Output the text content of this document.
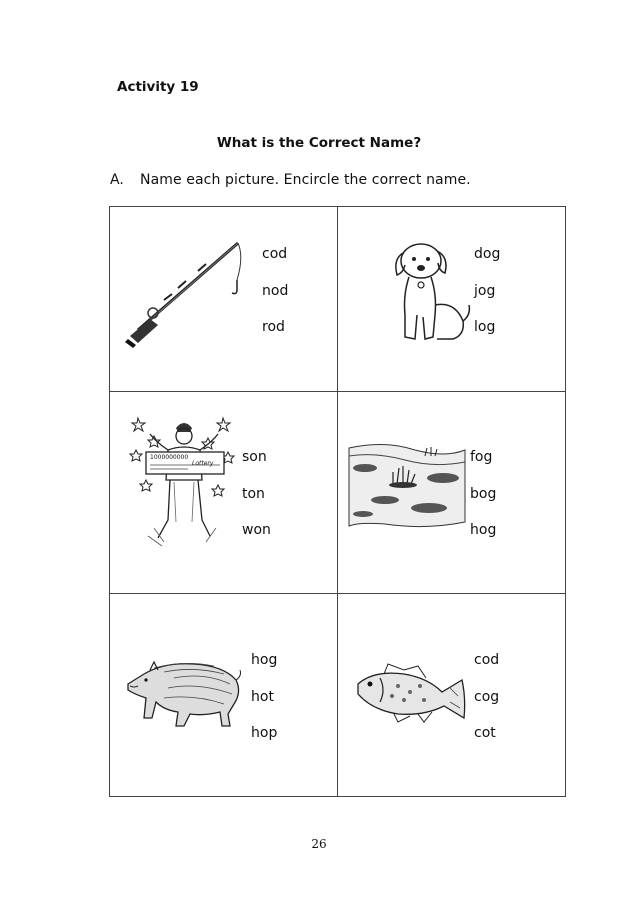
Activity 19
What is the Correct Name?
A. Name each picture. Encircle the correct name.
cod
nod
rod
dog
jog
log
1000000000
Lottery son
ton
won
fog
bog
hog
hog
hot
hop
cod
cog
cot
26
